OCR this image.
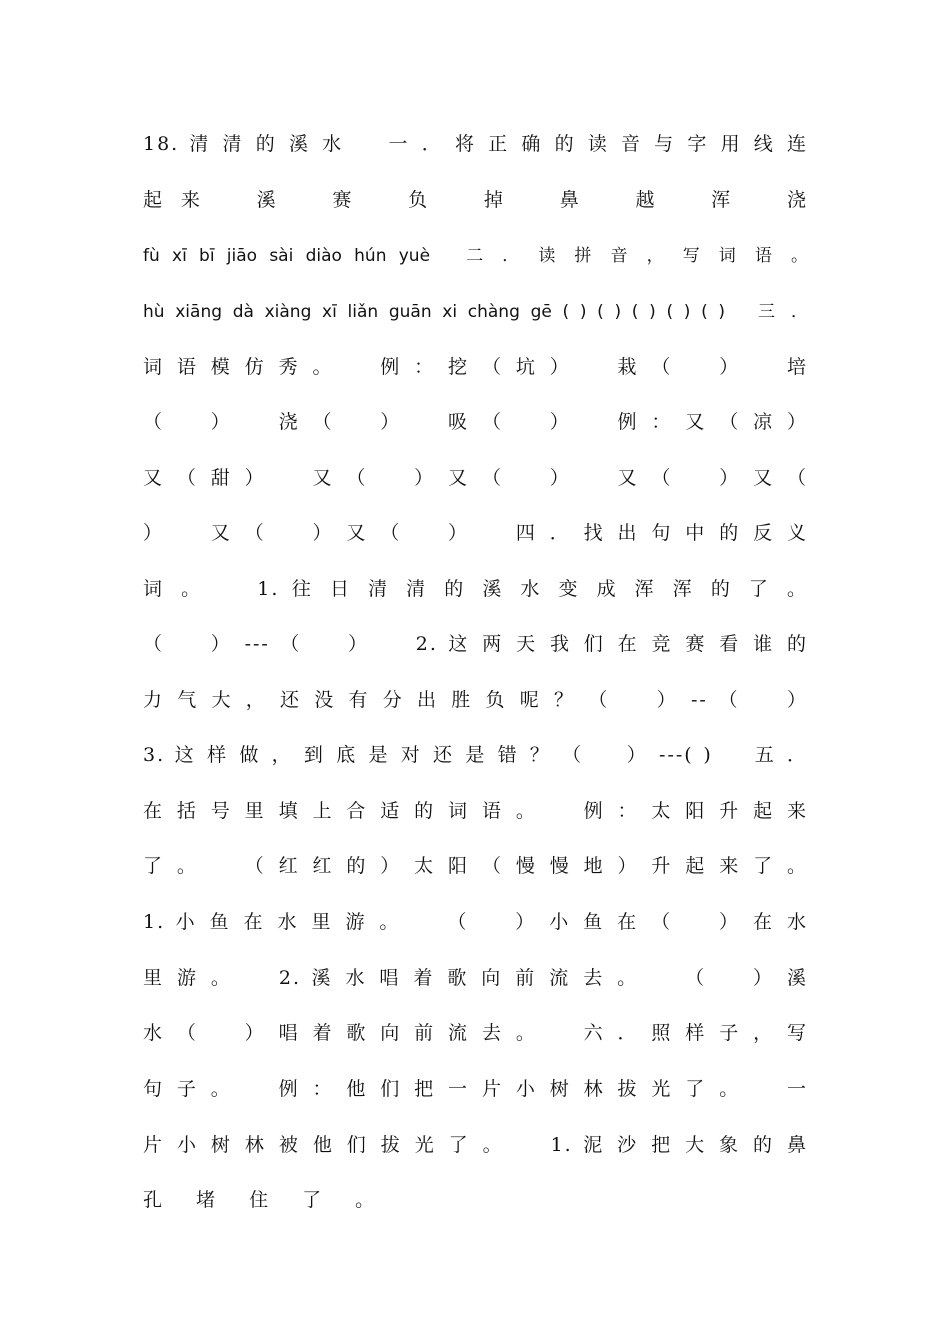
18. 清 清 的 溪 水 　 一 ． 将 正 确 的 读 音 与 字 用 线 连
起 来 　 溪 　 赛 　 负 　 掉 　 鼻 　 越 　 浑 　 浇
fù xī bī jiāo sài diào hún yuè 　二 ． 读 拼 音 ， 写 词 语 。
hù xiāng dà xiàng xī liǎn guān xi chàng gē ( ) ( ) ( ) ( ) ( ) 　三 ．
词 语 模 仿 秀 。 　 例 ： 挖 （ 坑 ） 　 栽 （ 　 ） 　 培
（ 　 ） 　 浇 （ 　 ） 　 吸 （ 　 ） 　 例 ： 又 （ 凉 ）
又 （ 甜 ） 　 又 （ 　 ） 又 （ 　 ） 　 又 （ 　 ） 又 （
） 　 又 （ 　 ） 又 （ 　 ） 　 四 ． 找 出 句 中 的 反 义
词 。 　 1. 往 日 清 清 的 溪 水 变 成 浑 浑 的 了 。
（ 　 ） --- （ 　 ） 　 2. 这 两 天 我 们 在 竞 赛 看 谁 的
力 气 大 ， 还 没 有 分 出 胜 负 呢 ？ （ 　 ） -- （ 　 ）
3. 这 样 做 ， 到 底 是 对 还 是 错 ？ （ 　 ） ---( ) 　 五 ．
在 括 号 里 填 上 合 适 的 词 语 。 　 例 ： 太 阳 升 起 来
了 。 　 （ 红 红 的 ） 太 阳 （ 慢 慢 地 ） 升 起 来 了 。
1. 小 鱼 在 水 里 游 。 　 （ 　 ） 小 鱼 在 （ 　 ） 在 水
里 游 。 　 2. 溪 水 唱 着 歌 向 前 流 去 。 　 （ 　 ） 溪
水 （ 　 ） 唱 着 歌 向 前 流 去 。 　 六 ． 照 样 子 ， 写
句 子 。 　 例 ： 他 们 把 一 片 小 树 林 拔 光 了 。 　 一
片 小 树 林 被 他 们 拔 光 了 。 　 1. 泥 沙 把 大 象 的 鼻
孔 堵 住 了 。
